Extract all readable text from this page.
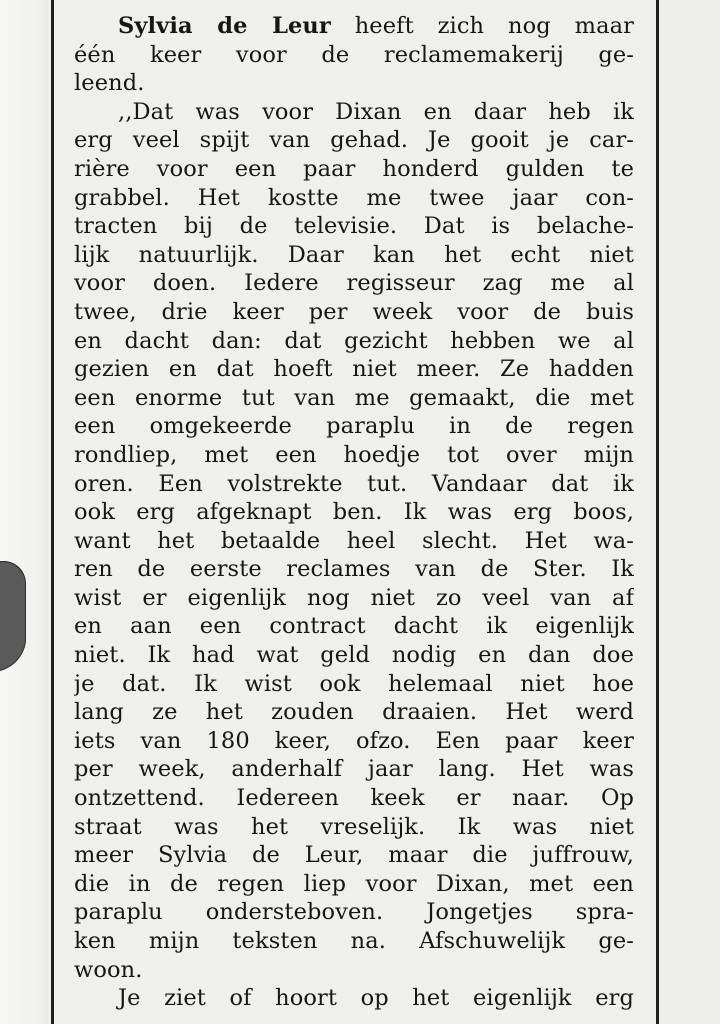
Sylvia de Leur heeft zich nog maar
één keer voor de reclamemakerij ge-
leend.
,,Dat was voor Dixan en daar heb ik
erg veel spijt van gehad. Je gooit je car-
rière voor een paar honderd gulden te
grabbel. Het kostte me twee jaar con-
tracten bij de televisie. Dat is belache-
lijk natuurlijk. Daar kan het echt niet
voor doen. Iedere regisseur zag me al
twee, drie keer per week voor de buis
en dacht dan: dat gezicht hebben we al
gezien en dat hoeft niet meer. Ze hadden
een enorme tut van me gemaakt, die met
een omgekeerde paraplu in de regen
rondliep, met een hoedje tot over mijn
oren. Een volstrekte tut. Vandaar dat ik
ook erg afgeknapt ben. Ik was erg boos,
want het betaalde heel slecht. Het wa-
ren de eerste reclames van de Ster. Ik
wist er eigenlijk nog niet zo veel van af
en aan een contract dacht ik eigenlijk
niet. Ik had wat geld nodig en dan doe
je dat. Ik wist ook helemaal niet hoe
lang ze het zouden draaien. Het werd
iets van 180 keer, ofzo. Een paar keer
per week, anderhalf jaar lang. Het was
ontzettend. Iedereen keek er naar. Op
straat was het vreselijk. Ik was niet
meer Sylvia de Leur, maar die juffrouw,
die in de regen liep voor Dixan, met een
paraplu ondersteboven. Jongetjes spra-
ken mijn teksten na. Afschuwelijk ge-
woon.
Je ziet of hoort op het eigenlijk erg
